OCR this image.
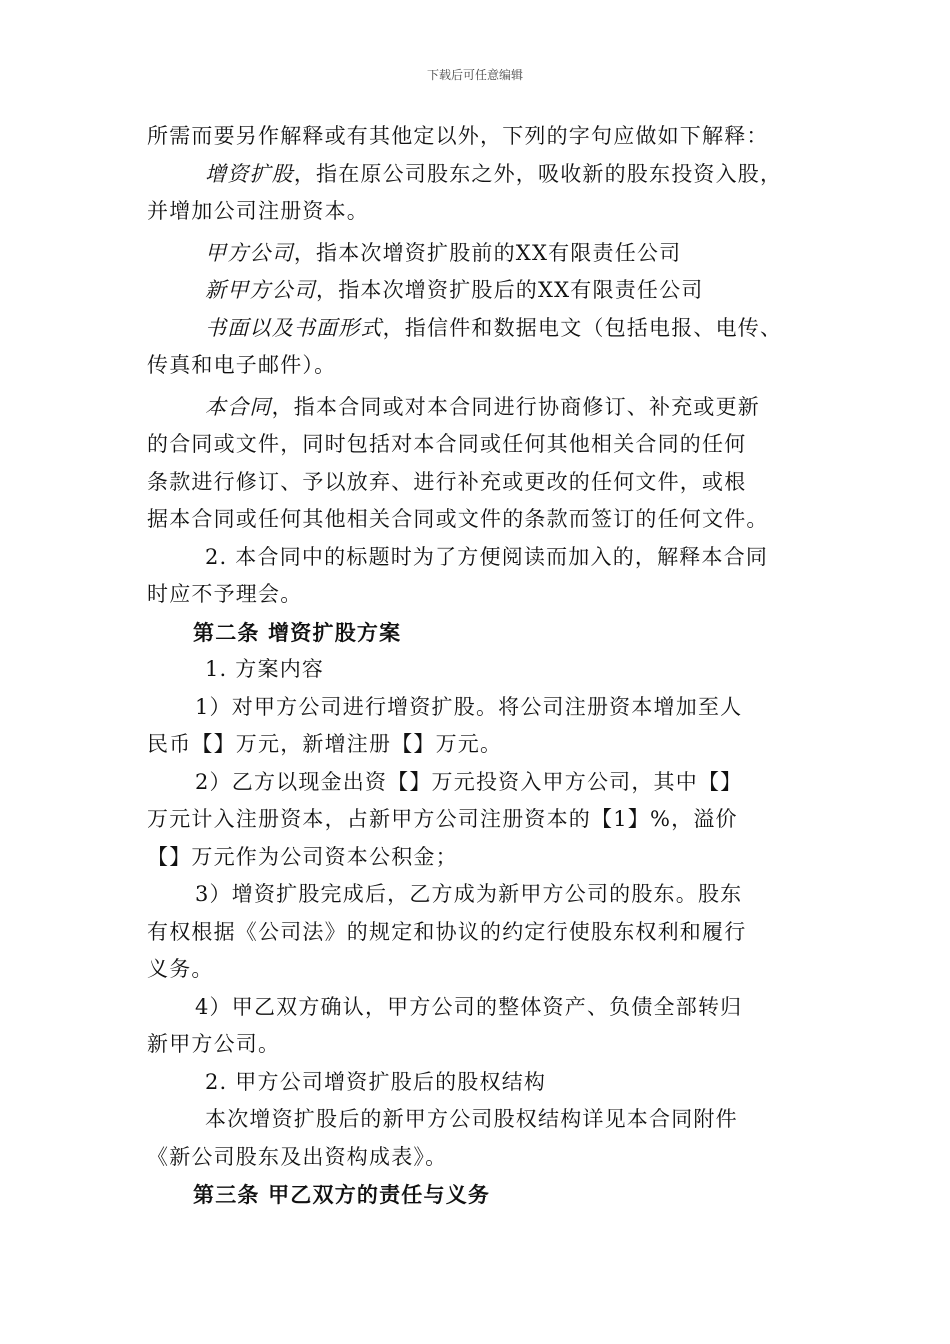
下载后可任意编辑
所需而要另作解释或有其他定以外，下列的字句应做如下解释：
增资扩股，指在原公司股东之外，吸收新的股东投资入股，
并增加公司注册资本。
甲方公司，指本次增资扩股前的XX有限责任公司
新甲方公司，指本次增资扩股后的XX有限责任公司
书面以及书面形式，指信件和数据电文（包括电报、电传、
传真和电子邮件）。
本合同，指本合同或对本合同进行协商修订、补充或更新
的合同或文件，同时包括对本合同或任何其他相关合同的任何
条款进行修订、予以放弃、进行补充或更改的任何文件，或根
据本合同或任何其他相关合同或文件的条款而签订的任何文件。
2. 本合同中的标题时为了方便阅读而加入的，解释本合同
时应不予理会。
第二条 增资扩股方案
1. 方案内容
1）对甲方公司进行增资扩股。将公司注册资本增加至人
民币【】万元，新增注册【】万元。
2）乙方以现金出资【】万元投资入甲方公司，其中【】
万元计入注册资本，占新甲方公司注册资本的【1】%，溢价
【】万元作为公司资本公积金；
3）增资扩股完成后，乙方成为新甲方公司的股东。股东
有权根据《公司法》的规定和协议的约定行使股东权利和履行
义务。
4）甲乙双方确认，甲方公司的整体资产、负债全部转归
新甲方公司。
2. 甲方公司增资扩股后的股权结构
本次增资扩股后的新甲方公司股权结构详见本合同附件
《新公司股东及出资构成表》。
第三条 甲乙双方的责任与义务
